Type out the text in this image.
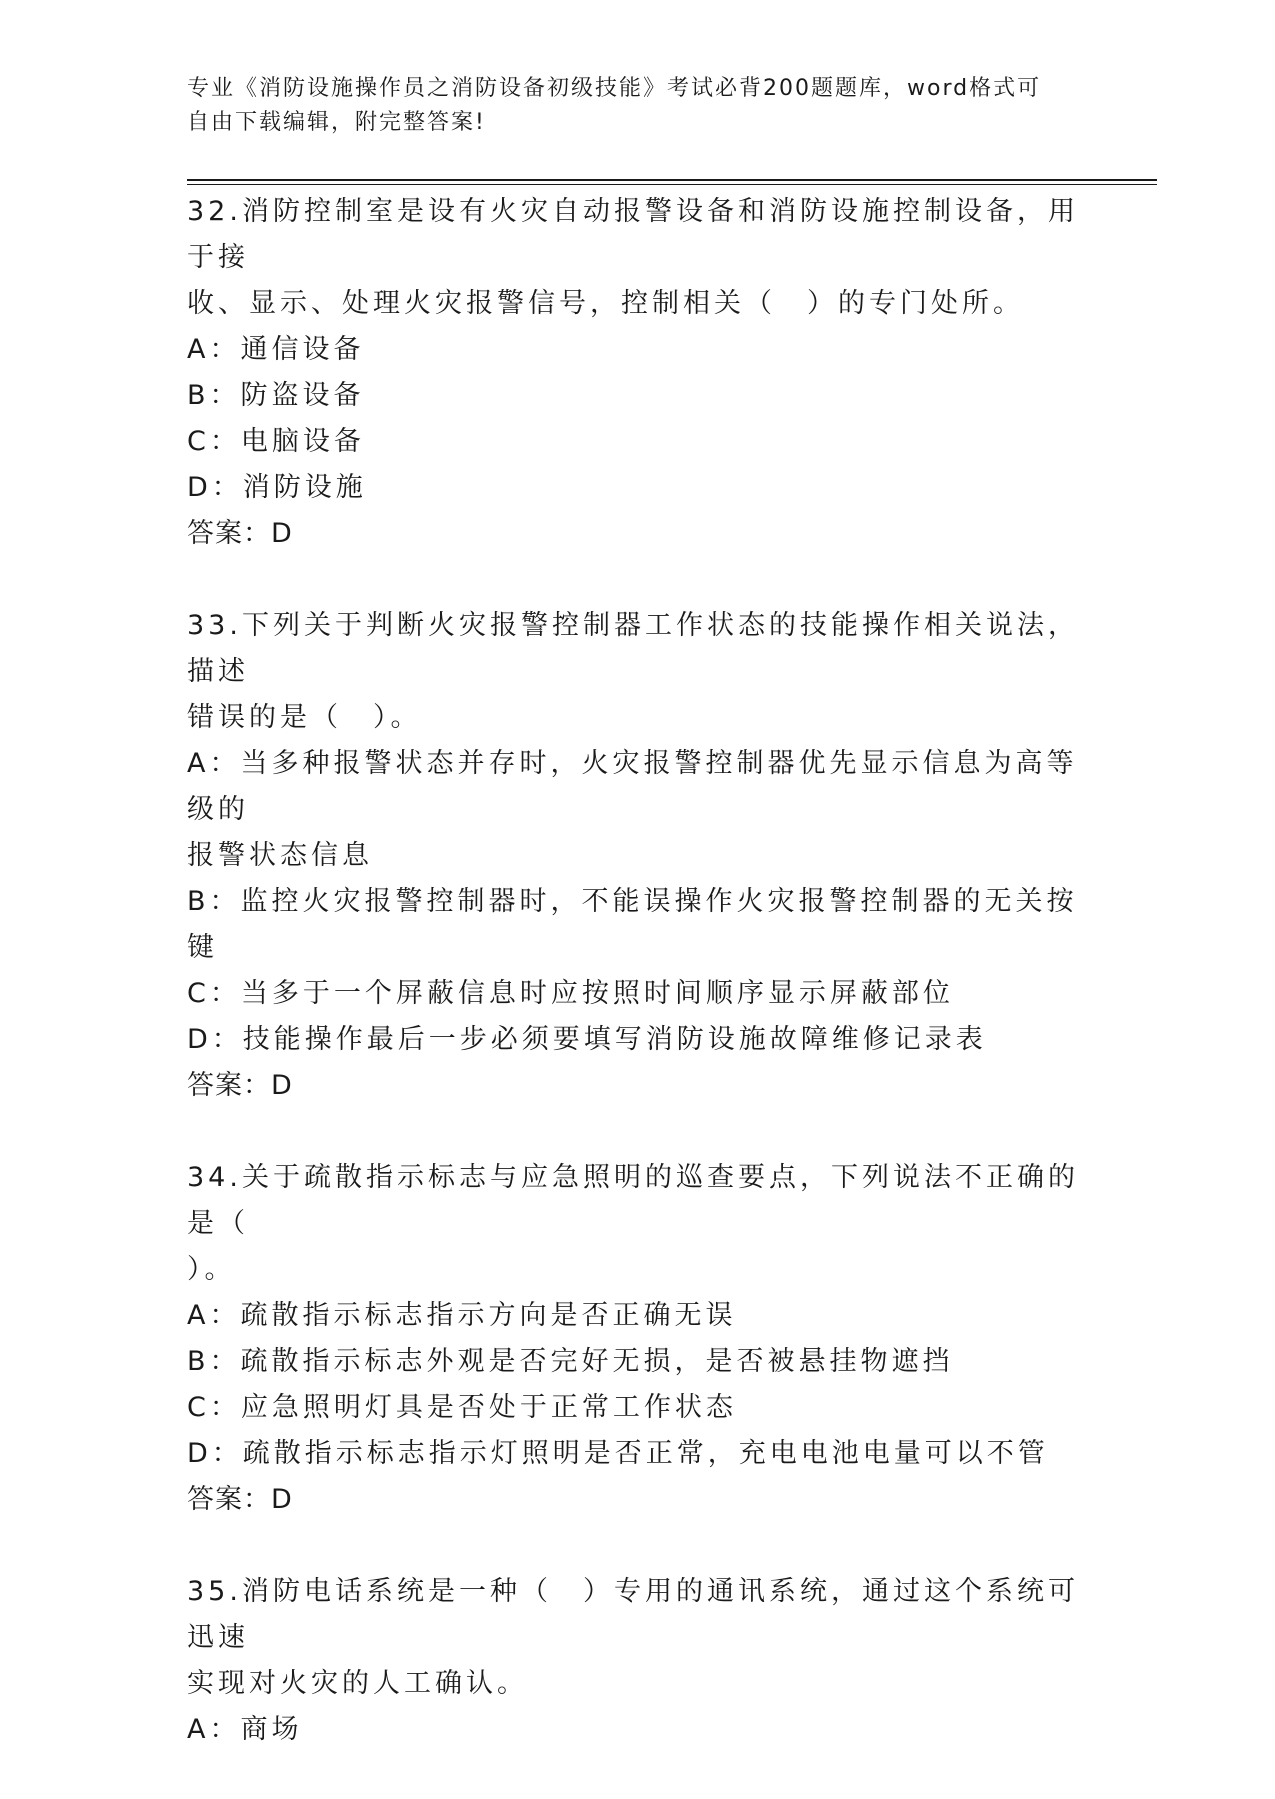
专业《消防设施操作员之消防设备初级技能》考试必背200题题库，word格式可
自由下载编辑，附完整答案!

32.消防控制室是设有火灾自动报警设备和消防设施控制设备，用于接

收、显示、处理火灾报警信号，控制相关（　）的专门处所。

A：通信设备

B：防盗设备

C：电脑设备

D：消防设施

答案：D

33.下列关于判断火灾报警控制器工作状态的技能操作相关说法，描述

错误的是（　）。

A：当多种报警状态并存时，火灾报警控制器优先显示信息为高等级的

报警状态信息

B：监控火灾报警控制器时，不能误操作火灾报警控制器的无关按键

C：当多于一个屏蔽信息时应按照时间顺序显示屏蔽部位

D：技能操作最后一步必须要填写消防设施故障维修记录表

答案：D

34.关于疏散指示标志与应急照明的巡查要点，下列说法不正确的是（

）。

A：疏散指示标志指示方向是否正确无误

B：疏散指示标志外观是否完好无损，是否被悬挂物遮挡

C：应急照明灯具是否处于正常工作状态

D：疏散指示标志指示灯照明是否正常，充电电池电量可以不管

答案：D

35.消防电话系统是一种（　）专用的通讯系统，通过这个系统可迅速

实现对火灾的人工确认。

A：商场
